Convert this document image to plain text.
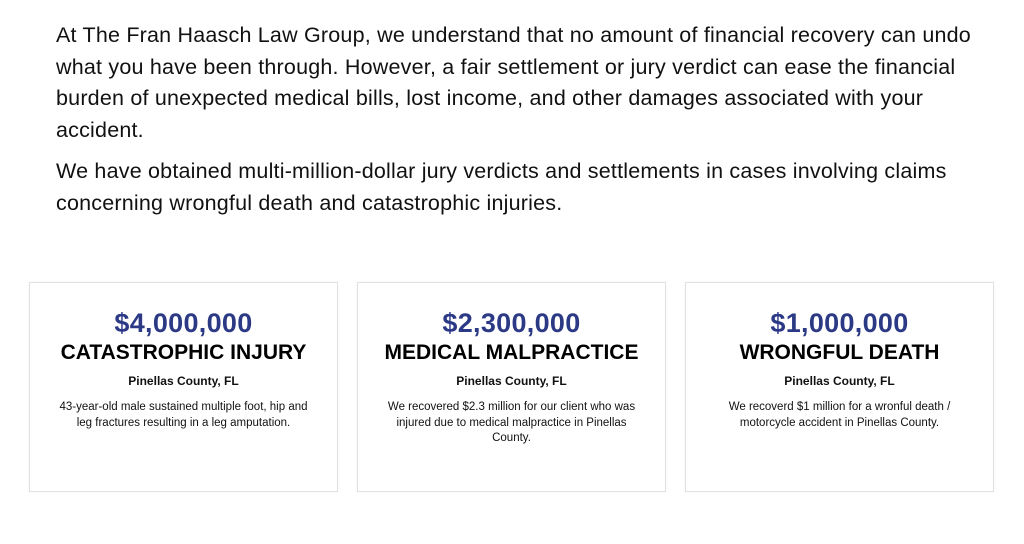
At The Fran Haasch Law Group, we understand that no amount of financial recovery can undo what you have been through. However, a fair settlement or jury verdict can ease the financial burden of unexpected medical bills, lost income, and other damages associated with your accident.

We have obtained multi-million-dollar jury verdicts and settlements in cases involving claims concerning wrongful death and catastrophic injuries.

$4,000,000
CATASTROPHIC INJURY
Pinellas County, FL
43-year-old male sustained multiple foot, hip and leg fractures resulting in a leg amputation.
$2,300,000
MEDICAL MALPRACTICE
Pinellas County, FL
We recovered $2.3 million for our client who was injured due to medical malpractice in Pinellas County.
$1,000,000
WRONGFUL DEATH
Pinellas County, FL
We recoverd $1 million for a wronful death / motorcycle accident in Pinellas County.
